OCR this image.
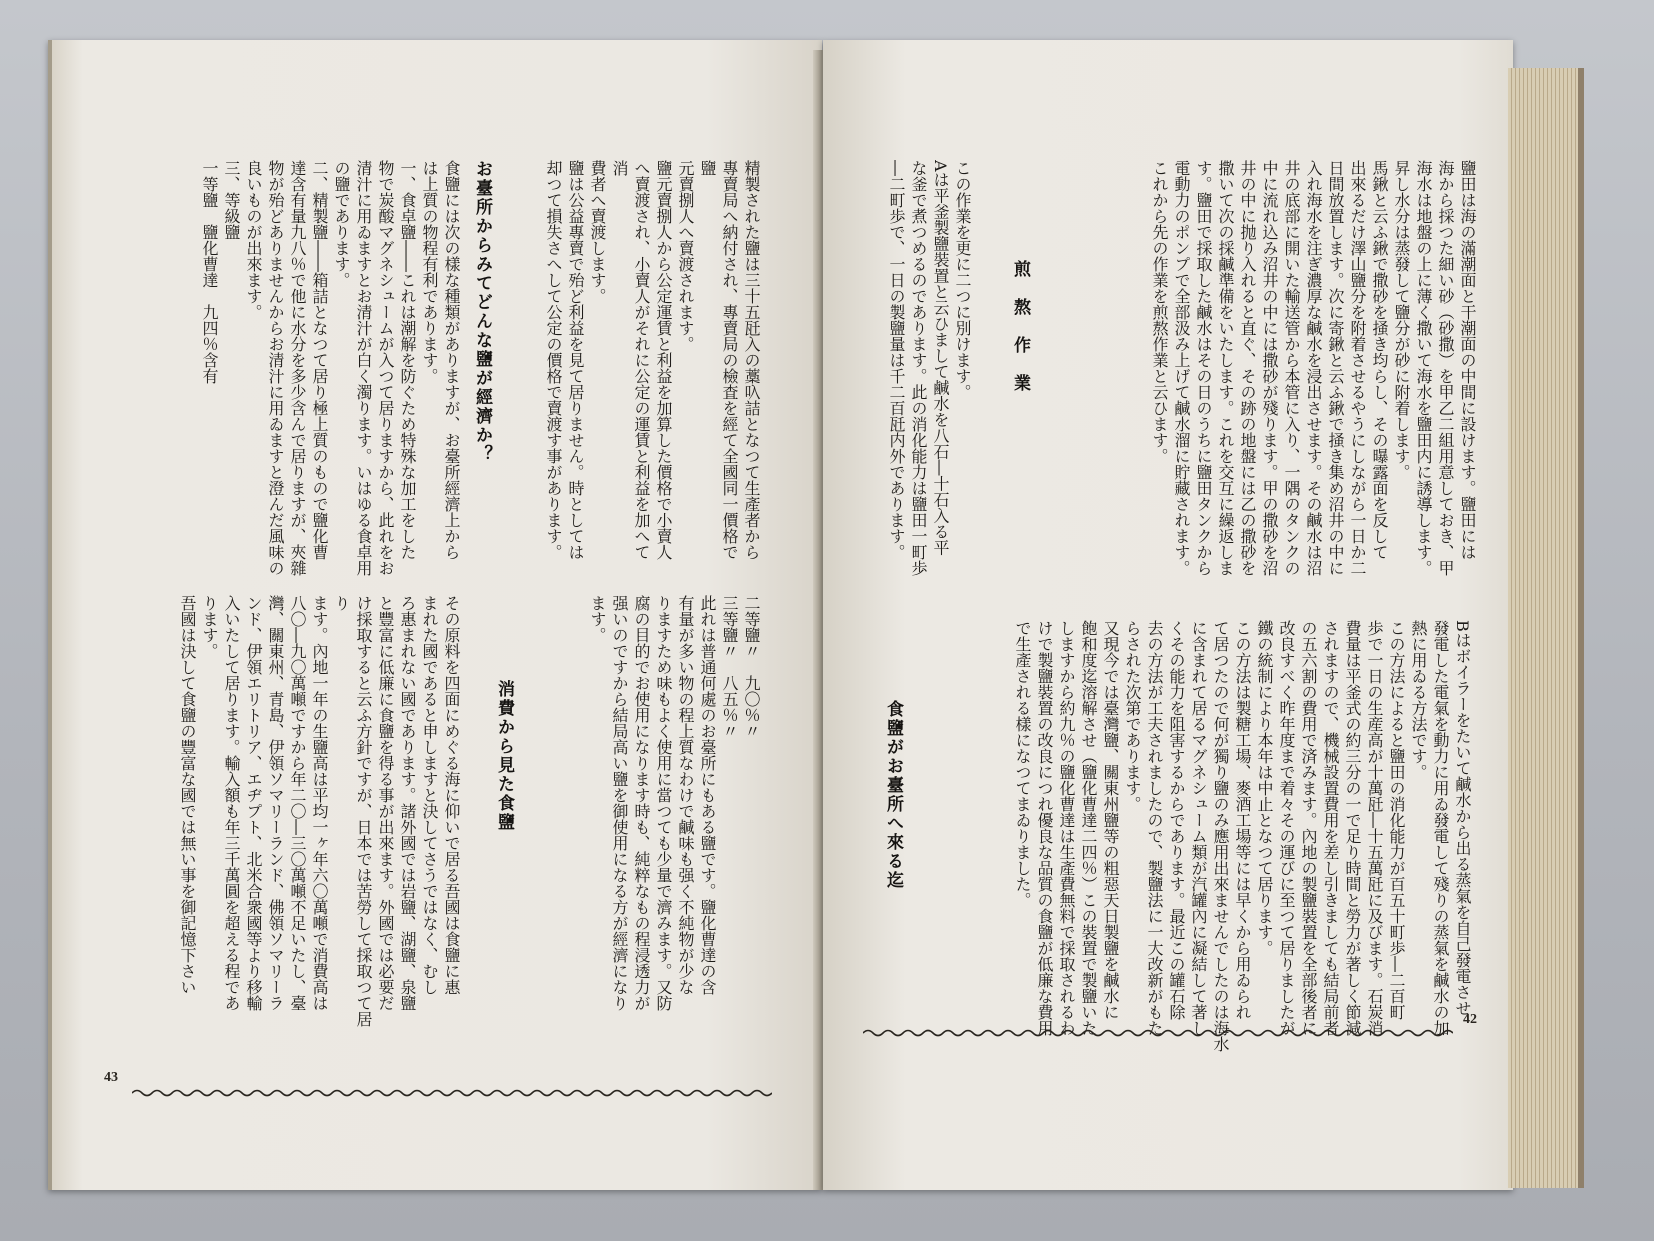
精製された鹽は三十五瓩入の藁叺詰となつて生產者から
專賣局へ納付され、專賣局の檢査を經て全國同一價格で鹽
元賣捌人へ賣渡されます。
鹽元賣捌人から公定運賃と利益を加算した價格で小賣人
へ賣渡され、小賣人がそれに公定の運賃と利益を加へて消
費者へ賣渡します。
鹽は公益專賣で殆ど利益を見て居りません。時としては
却つて損失さへして公定の價格で賣渡す事があります。
お臺所からみてどんな鹽が經濟か？
食鹽には次の樣な種類がありますが、お臺所經濟上から
は上質の物程有利であります。
一、食卓鹽――これは潮解を防ぐため特殊な加工をした
物で炭酸マグネシュームが入つて居りますから、此れをお
清汁に用ゐますとお清汁が白く濁ります。いはゆる食卓用
の鹽であります。
二、精製鹽――箱詰となつて居り極上質のもので鹽化曹
達含有量九八％で他に水分を多少含んで居りますが、夾雜
物が殆どありませんからお清汁に用ゐますと澄んだ風味の
良いものが出來ます。
三、等級鹽
一等鹽　鹽化曹達　九四％含有
二等鹽〃　九〇％〃
三等鹽〃　八五％〃
此れは普通何處のお臺所にもある鹽です。鹽化曹達の含
有量が多い物の程上質なわけで鹹味も强く不純物が少な
りますため味もよく使用に當つても少量で濟みます。又防
腐の目的でお使用になります時も、純粹なもの程浸透力が
强いのですから結局高い鹽を御使用になる方が經濟になり
ます。
消費から見た食鹽
その原料を四面にめぐる海に仰いで居る吾國は食鹽に惠
まれた國であると申しますと決してさうではなく、むし
ろ惠まれない國であります。諸外國では岩鹽、湖鹽、泉鹽
と豐富に低廉に食鹽を得る事が出來ます。外國では必要だ
け採取すると云ふ方針ですが、日本では苦勞して採取つて居り
ます。內地一年の生鹽高は平均一ヶ年六〇萬噸で消費高は
八〇―九〇萬噸ですから年二〇―三〇萬噸不足いたし、臺
灣、關東州、青島、伊領ソマリーランド、佛領ソマリーラ
ンド、伊領エリトリア、エヂプト、北米合衆國等より移輸
入いたして居ります。輸入額も年三千萬圓を超える程であ
ります。
吾國は決して食鹽の豐富な國では無い事を御記憶下さい
43
鹽田は海の滿潮面と干潮面の中間に設けます。鹽田には
海から採つた細い砂（砂撒）を甲乙二組用意しておき、甲
海水は地盤の上に薄く撒いて海水を鹽田内に誘導します。
昇し水分は蒸發して鹽分が砂に附着します。
馬鍬と云ふ鍬で撒砂を掻き均らし、その曝露面を反して
出來るだけ澤山鹽分を附着させるやうにしながら一日か二
日間放置します。次に寄鍬と云ふ鍬で掻き集め沼井の中に
入れ海水を注ぎ濃厚な鹹水を浸出させます。その鹹水は沼
井の底部に開いた輸送管から本管に入り、一隅のタンクの
中に流れ込み沼井の中には撒砂が殘ります。甲の撒砂を沼
井の中に抛り入れると直ぐ、その跡の地盤には乙の撒砂を
撒いて次の採鹹準備をいたします。これを交互に繰返しま
す。鹽田で採取した鹹水はその日のうちに鹽田タンクから
電動力のポンプで全部汲み上げて鹹水溜に貯藏されます。
これから先の作業を煎熬作業と云ひます。
煎　熬　作　業
この作業を更に二つに別けます。
Aは平釜製鹽裝置と云ひまして鹹水を八石―十石入る平
な釜で煮つめるのであります。此の消化能力は鹽田一町歩
―二町歩で、一日の製鹽量は千二百瓩内外であります。
Bはボイラーをたいて鹹水から出る蒸氣を自己發電させ
發電した電氣を動力に用ゐ發電して殘りの蒸氣を鹹水の加
熱に用ゐる方法です。
この方法によると鹽田の消化能力が百五十町歩―二百町
歩で一日の生産高が十萬瓩―十五萬瓩に及びます。石炭消
費量は平釜式の約三分の一で足り時間と勞力が著しく節減
されますので、機械設置費用を差し引きましても結局前者
の五六割の費用で済みます。內地の製鹽裝置を全部後者に
改良すべく昨年度まで着々その運びに至つて居りましたが
鐵の統制により本年は中止となつて居ります。
この方法は製糖工場、麥酒工場等には早くから用ゐられ
て居つたので何が獨り鹽のみ應用出來ませんでしたのは海水
に含まれて居るマグネシューム類が汽罐內に凝結して著し
くその能力を阻害するからであります。最近この罐石除
去の方法が工夫されましたので、製鹽法に一大改新がもた
らされた次第であります。
又現今では臺灣鹽、關東州鹽等の粗惡天日製鹽を鹹水に
飽和度迄溶解させ（鹽化曹達二四％）この裝置で製鹽いた
しますから約九％の鹽化曹達は生產費無料で採取されるわ
けで製鹽裝置の改良につれ優良な品質の食鹽が低廉な費用
で生產される樣になつてまゐりました。
食鹽がお臺所へ來る迄
42
